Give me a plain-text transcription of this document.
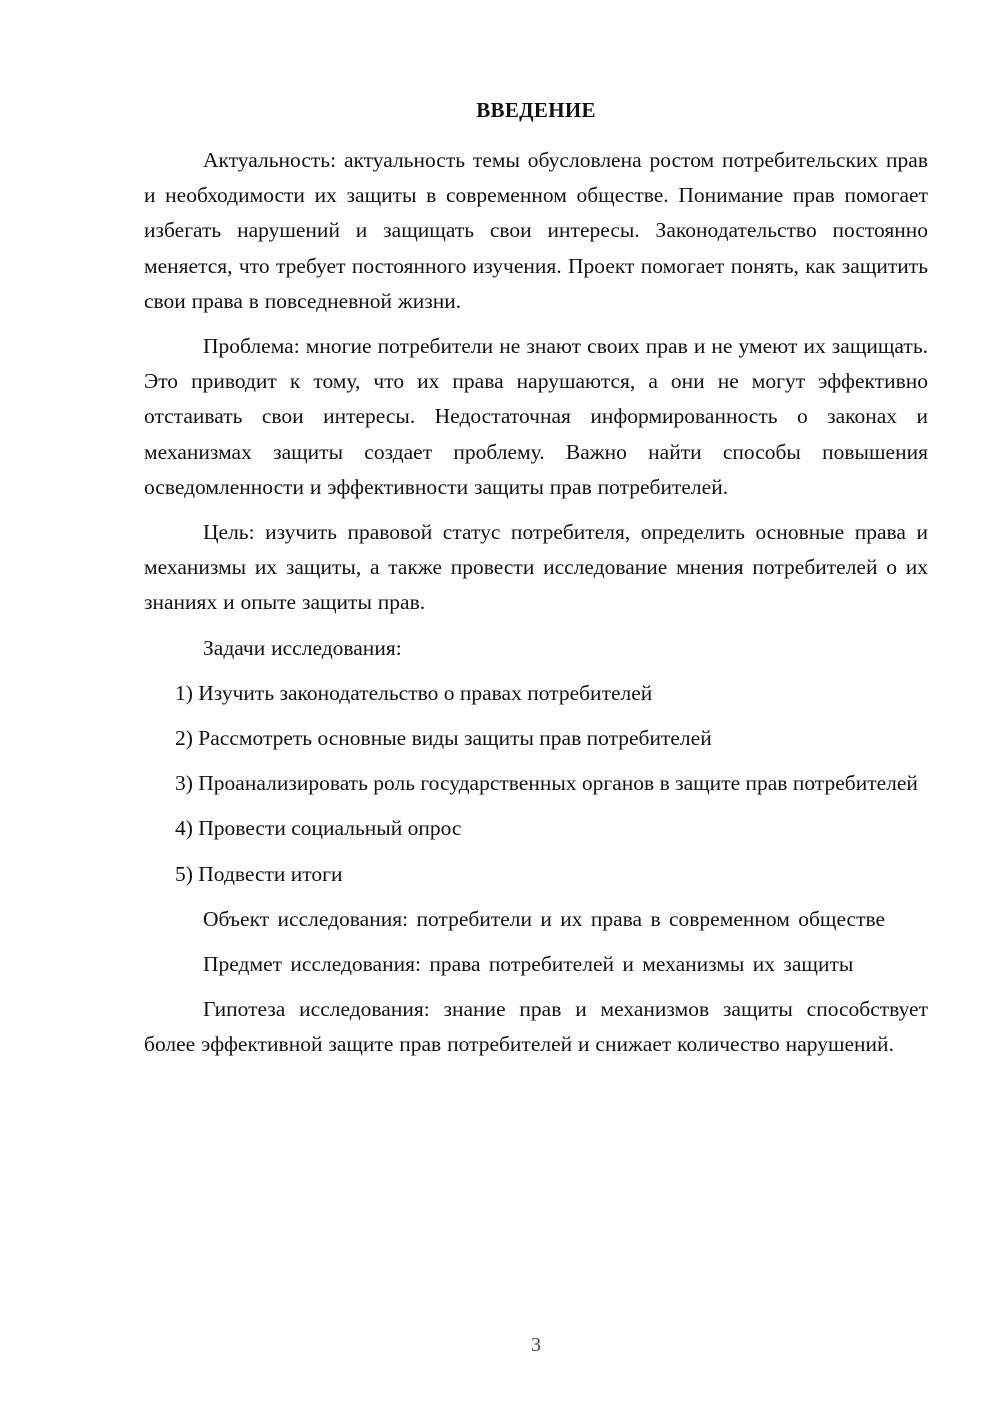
ВВЕДЕНИЕ

Актуальность: актуальность темы обусловлена ростом потребительских прав и необходимости их защиты в современном обществе. Понимание прав помогает избегать нарушений и защищать свои интересы. Законодательство постоянно меняется, что требует постоянного изучения. Проект помогает понять, как защитить свои права в повседневной жизни.

Проблема: многие потребители не знают своих прав и не умеют их защищать. Это приводит к тому, что их права нарушаются, а они не могут эффективно отстаивать свои интересы. Недостаточная информированность о законах и механизмах защиты создает проблему. Важно найти способы повышения осведомленности и эффективности защиты прав потребителей.

Цель: изучить правовой статус потребителя, определить основные права и механизмы их защиты, а также провести исследование мнения потребителей о их знаниях и опыте защиты прав.

Задачи исследования:

1) Изучить законодательство о правах потребителей

2) Рассмотреть основные виды защиты прав потребителей

3) Проанализировать роль государственных органов в защите прав потребителей

4) Провести социальный опрос

5) Подвести итоги

Объект исследования: потребители и их права в современном обществе

Предмет исследования: права потребителей и механизмы их защиты

Гипотеза исследования: знание прав и механизмов защиты способствует более эффективной защите прав потребителей и снижает количество нарушений.

3
